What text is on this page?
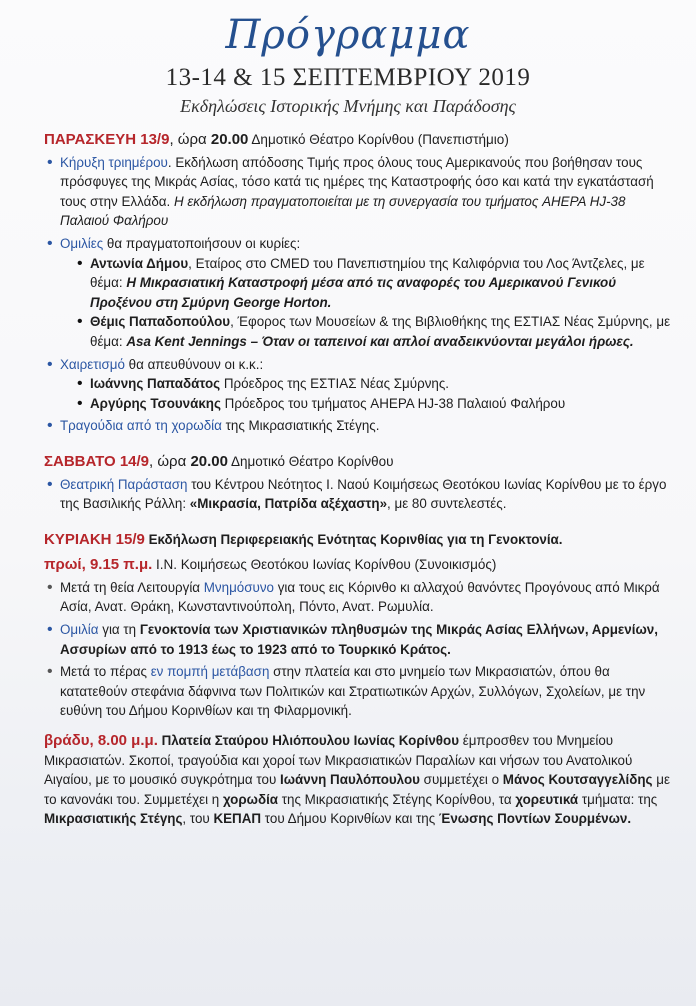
Πρόγραμμα
13-14 & 15 ΣΕΠΤΕΜΒΡΙΟΥ 2019
Εκδηλώσεις Ιστορικής Μνήμης και Παράδοσης
ΠΑΡΑΣΚΕΥΗ 13/9, ώρα 20.00 Δημοτικό Θέατρο Κορίνθου (Πανεπιστήμιο)
• Κήρυξη τριημέρου. Εκδήλωση απόδοσης Τιμής προς όλους τους Αμερικανούς που βοήθησαν τους πρόσφυγες της Μικράς Ασίας, τόσο κατά τις ημέρες της Καταστροφής όσο και κατά την εγκατάστασή τους στην Ελλάδα. Η εκδήλωση πραγματοποιείται με τη συνεργασία του τμήματος AHEPA HJ-38 Παλαιού Φαλήρου
• Ομιλίες θα πραγματοποιήσουν οι κυρίες:
• Αντωνία Δήμου, Εταίρος στο CMED του Πανεπιστημίου της Καλιφόρνια του Λος Άντζελες, με θέμα: Η Μικρασιατική Καταστροφή μέσα από τις αναφορές του Αμερικανού Γενικού Προξένου στη Σμύρνη George Horton.
• Θέμις Παπαδοπούλου, Έφορος των Μουσείων & της Βιβλιοθήκης της ΕΣΤΙΑΣ Νέας Σμύρνης, με θέμα: Asa Kent Jennings – Όταν οι ταπεινοί και απλοί αναδεικνύονται μεγάλοι ήρωες.
• Χαιρετισμό θα απευθύνουν οι κ.κ.:
• Ιωάννης Παπαδάτος Πρόεδρος της ΕΣΤΙΑΣ Νέας Σμύρνης.
• Αργύρης Τσουνάκης Πρόεδρος του τμήματος AHEPA HJ-38 Παλαιού Φαλήρου
• Τραγούδια από τη χορωδία της Μικρασιατικής Στέγης.
ΣΑΒΒΑΤΟ 14/9, ώρα 20.00 Δημοτικό Θέατρο Κορίνθου
• Θεατρική Παράσταση του Κέντρου Νεότητος Ι. Ναού Κοιμήσεως Θεοτόκου Ιωνίας Κορίνθου με το έργο της Βασιλικής Ράλλη: «Μικρασία, Πατρίδα αξέχαστη», με 80 συντελεστές.
ΚΥΡΙΑΚΗ 15/9 Εκδήλωση Περιφερειακής Ενότητας Κορινθίας για τη Γενοκτονία.
πρωί, 9.15 π.μ. Ι.Ν. Κοιμήσεως Θεοτόκου Ιωνίας Κορίνθου (Συνοικισμός)
• Μετά τη θεία Λειτουργία Μνημόσυνο για τους εις Κόρινθο κι αλλαχού θανόντες Προγόνους από Μικρά Ασία, Ανατ. Θράκη, Κωνσταντινούπολη, Πόντο, Ανατ. Ρωμυλία.
• Ομιλία για τη Γενοκτονία των Χριστιανικών πληθυσμών της Μικράς Ασίας Ελλήνων, Αρμενίων, Ασσυρίων από το 1913 έως το 1923 από το Τουρκικό Κράτος.
• Μετά το πέρας εν πομπή μετάβαση στην πλατεία και στο μνημείο των Μικρασιατών, όπου θα κατατεθούν στεφάνια δάφνινα των Πολιτικών και Στρατιωτικών Αρχών, Συλλόγων, Σχολείων, με την ευθύνη του Δήμου Κορινθίων και τη Φιλαρμονική.
βράδυ, 8.00 μ.μ. Πλατεία Σταύρου Ηλιόπουλου Ιωνίας Κορίνθου έμπροσθεν του Μνημείου Μικρασιατών. Σκοποί, τραγούδια και χοροί των Μικρασιατικών Παραλίων και νήσων του Ανατολικού Αιγαίου, με το μουσικό συγκρότημα του Ιωάννη Παυλόπουλου συμμετέχει ο Μάνος Κουτσαγγελίδης με το κανονάκι του. Συμμετέχει η χορωδία της Μικρασιατικής Στέγης Κορίνθου, τα χορευτικά τμήματα: της Μικρασιατικής Στέγης, του ΚΕΠΑΠ του Δήμου Κορινθίων και της Ένωσης Ποντίων Σουρμένων.
